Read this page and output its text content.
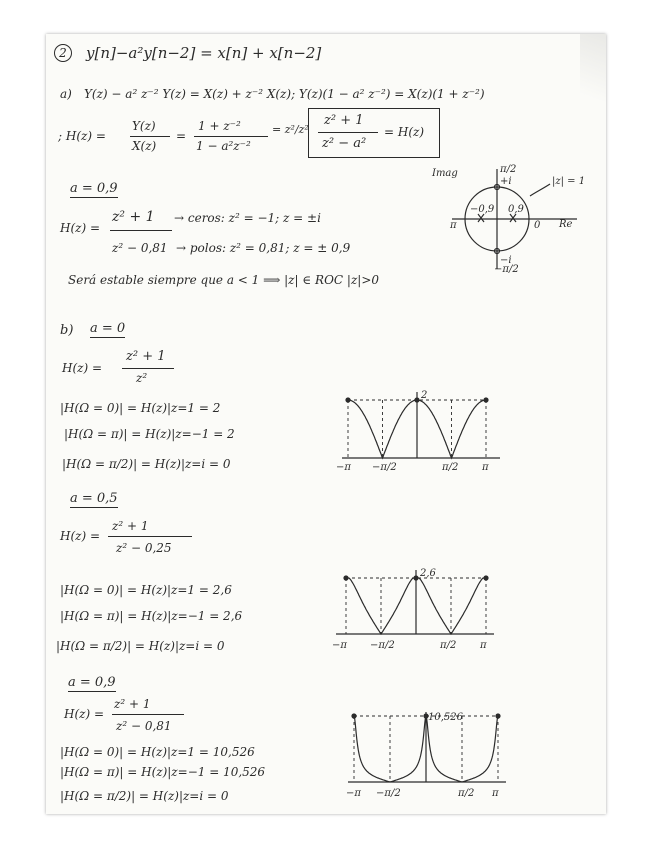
2	y[n]−a²y[n−2] = x[n] + x[n−2]
a) Y(z) − a² z⁻² Y(z) = X(z) + z⁻² X(z); Y(z)(1 − a² z⁻²) = X(z)(1 + z⁻²)
; H(z) =
Y(z)
X(z)
=
1 + z⁻²
1 − a²z⁻²
= z²/z²
z² + 1
z² − a²
= H(z)
a = 0,9
H(z) =
z² + 1
z² − 0,81
→ ceros: z² = −1; z = ±i
→ polos: z² = 0,81; z = ± 0,9
Será estable siempre que a < 1 ⟹ |z| ∈ ROC |z|>0
Imag
Re
|z| = 1
π/2
−π/2
π	0
−0,9 0,9
+i
−i
b) a = 0
H(z) =
z² + 1
z²
|H(Ω = 0)| = H(z)|z=1 = 2
|H(Ω = π)| = H(z)|z=−1 = 2
|H(Ω = π/2)| = H(z)|z=i = 0	−π −π/2	π/2 π
2
a = 0,5
H(z) =
z² + 1
z² − 0,25
|H(Ω = 0)| = H(z)|z=1 = 2,6
|H(Ω = π)| = H(z)|z=−1 = 2,6
|H(Ω = π/2)| = H(z)|z=i = 0	−π −π/2	π/2 π
2,6
a = 0,9
H(z) =
z² + 1
z² − 0,81
|H(Ω = 0)| = H(z)|z=1 = 10,526
|H(Ω = π)| = H(z)|z=−1 = 10,526
|H(Ω = π/2)| = H(z)|z=i = 0	−π −π/2	π/2 π
10,526
